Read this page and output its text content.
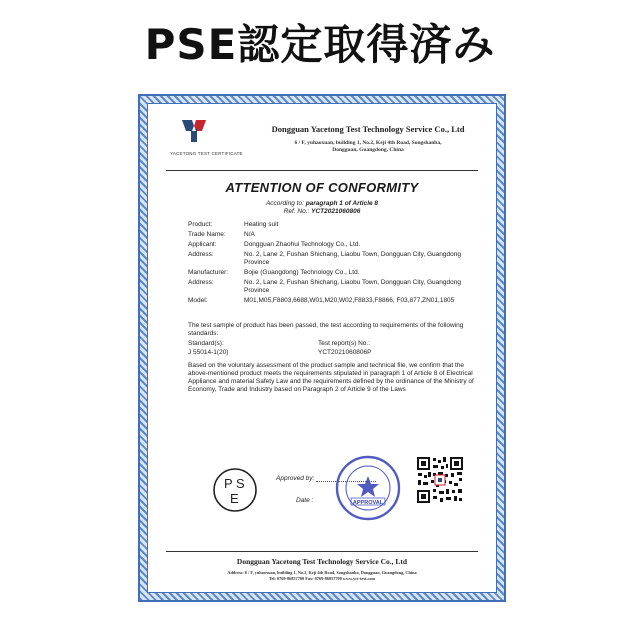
PSE認定取得済み
YACETONG TEST CERTIFICATE
Dongguan Yacetong Test Technology Service Co., Ltd
6 / F, yuhaoxuan, building 1, No.2, Keji 4th Road, Songshanba,
Dongguan, Guangdong, China
ATTENTION OF CONFORMITY
According to: paragraph 1 of Article 8
Ref. No.: YCT2021060806
Product:	Heating suit
Trade Name:	N/A
Applicant:	Dongguan Zhaohui Technology Co., Ltd.
Address:	No. 2, Lane 2, Fushan Shichang, Liaobu Town, Dongguan City, Guangdong Province
Manufacturer:	Bojie (Guangdong) Technology Co., Ltd.
Address:	No. 2, Lane 2, Fushan Shichang, Liaobu Town, Dongguan City, Guangdong Province
Model:	M01,M05,F8803,6688,W01,M20,W02,F8833,F8866, F03,877,ZN01,1805
The test sample of product has been passed, the test according to requirements of the following standards:
Standard(s):	Test report(s) No.:
J 55014-1(20)	YCT2021060806P
Based on the voluntary assessment of the product sample and technical file, we confirm that the above-mentioned product meets the requirements stipulated in paragraph 1 of Article 8 of Electrical Appliance and material Safety Law and the requirements defined by the ordinance of the Ministry of Economy, Trade and Industry based on Paragraph 2 of Article 9 of the Laws
P S
E
Approved by:
Date :	APPROVAL
Dongguan Yacetong Test Technology Service Co., Ltd
Address: 6 / F, yuhaoxuan, building 1, No.2, Keji 4th Road, Songshanba, Dongguan, Guangdong, China
Tel: 0769-86857700 Fax: 0769-86857700 www.yct-test.com
